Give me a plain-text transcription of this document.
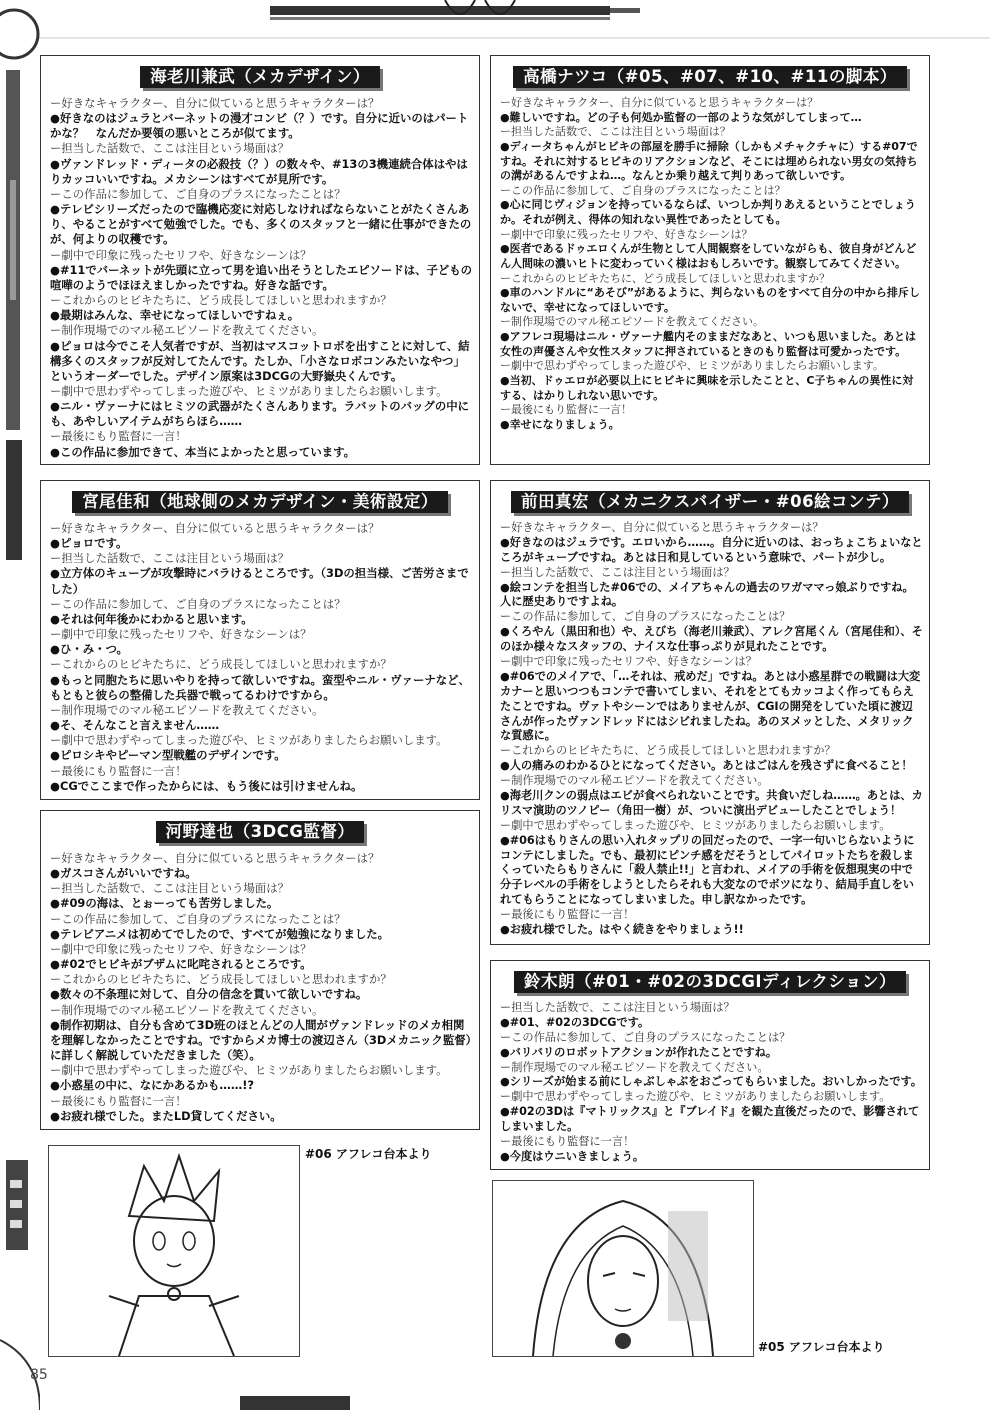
海老川兼武（メカデザイン）

ー好きなキャラクター、自分に似ていると思うキャラクターは？

● 好きなのはジュラとバーネットの漫才コンビ（？）です。自分に近いのはパートかな？　なんだか要領の悪いところが似てます。

ー担当した話数で、ここは注目という場面は？

● ヴァンドレッド・ディータの必殺技（？）の数々や、#13の3機連続合体はやはりカッコいいですね。メカシーンはすべてが見所です。

ーこの作品に参加して、ご自身のプラスになったことは？

● テレビシリーズだったので臨機応変に対応しなければならないことがたくさんあり、やることがすべて勉強でした。でも、多くのスタッフと一緒に仕事ができたのが、何よりの収穫です。

ー劇中で印象に残ったセリフや、好きなシーンは？

● #11でバーネットが先頭に立って男を追い出そうとしたエピソードは、子どもの喧嘩のようでほほえましかったですね。好きな話です。

ーこれからのヒビキたちに、どう成長してほしいと思われますか？

● 最期はみんな、幸せになってほしいですねぇ。

ー制作現場でのマル秘エピソードを教えてください。

● ピョロは今でこそ人気者ですが、当初はマスコットロボを出すことに対して、結構多くのスタッフが反対してたんです。たしか、「小さなロボコンみたいなやつ」というオーダーでした。デザイン原案は3DCGの大野嶽央くんです。

ー劇中で思わずやってしまった遊びや、ヒミツがありましたらお願いします。

● ニル・ヴァーナにはヒミツの武器がたくさんあります。ラバットのバッグの中にも、あやしいアイテムがちらほら……

ー最後にもり監督に一言！

● この作品に参加できて、本当によかったと思っています。

高橋ナツコ（#05、#07、#10、#11の脚本）

ー好きなキャラクター、自分に似ていると思うキャラクターは？

● 難しいですね。どの子も何処か監督の一部のような気がしてしまって…

ー担当した話数で、ここは注目という場面は？

● ディータちゃんがヒビキの部屋を勝手に掃除（しかもメチャクチャに）する#07ですね。それに対するヒビキのリアクションなど、そこには埋められない男女の気持ちの溝があるんですよね…。なんとか乗り越えて判りあって欲しいです。

ーこの作品に参加して、ご自身のプラスになったことは？

● 心に同じヴィジョンを持っているならば、いつしか判りあえるということでしょうか。それが例え、得体の知れない異性であったとしても。

ー劇中で印象に残ったセリフや、好きなシーンは？

● 医者であるドゥエロくんが生物として人間観察をしていながらも、彼自身がどんどん人間味の濃いヒトに変わっていく様はおもしろいです。観察してみてください。

ーこれからのヒビキたちに、どう成長してほしいと思われますか？

● 車のハンドルに“あそび”があるように、判らないものをすべて自分の中から排斥しないで、幸せになってほしいです。

ー制作現場でのマル秘エピソードを教えてください。

● アフレコ現場はニル・ヴァーナ艦内そのままだなあと、いつも思いました。あとは女性の声優さんや女性スタッフに押されているときのもり監督は可愛かったです。

ー劇中で思わずやってしまった遊びや、ヒミツがありましたらお願いします。

● 当初、ドゥエロが必要以上にヒビキに興味を示したことと、C子ちゃんの異性に対する、はかりしれない思いです。

ー最後にもり監督に一言！

● 幸せになりましょう。

宮尾佳和（地球側のメカデザイン・美術設定）

ー好きなキャラクター、自分に似ていると思うキャラクターは？

● ピョロです。

ー担当した話数で、ここは注目という場面は？

● 立方体のキューブが攻撃時にバラけるところです。（3Dの担当様、ご苦労さまでした）

ーこの作品に参加して、ご自身のプラスになったことは？

● それは何年後かにわかると思います。

ー劇中で印象に残ったセリフや、好きなシーンは？

● ひ・み・つ。

ーこれからのヒビキたちに、どう成長してほしいと思われますか？

● もっと同胞たちに思いやりを持って欲しいですね。蛮型やニル・ヴァーナなど、もともと彼らの整備した兵器で戦ってるわけですから。

ー制作現場でのマル秘エピソードを教えてください。

● そ、そんなこと言えません……

ー劇中で思わずやってしまった遊びや、ヒミツがありましたらお願いします。

● ピロシキやピーマン型戦艦のデザインです。

ー最後にもり監督に一言！

● CGでここまで作ったからには、もう後には引けませんね。

前田真宏（メカニクスバイザー・#06絵コンテ）

ー好きなキャラクター、自分に似ていると思うキャラクターは？

● 好きなのはジュラです。エロいから……。自分に近いのは、おっちょこちょいなところがキューブですね。あとは日和見しているという意味で、パートが少し。

ー担当した話数で、ここは注目という場面は？

● 絵コンテを担当した#06での、メイアちゃんの過去のワガママっ娘ぶりですね。人に歴史ありですよね。

ーこの作品に参加して、ご自身のプラスになったことは？

● くろやん（黒田和也）や、えびち（海老川兼武）、アレク宮尾くん（宮尾佳和）、そのほか様々なスタッフの、ナイスな仕事っぷりが見れたことです。

ー劇中で印象に残ったセリフや、好きなシーンは？

● #06でのメイアで、「…それは、戒めだ」ですね。あとは小惑星群での戦闘は大変カナーと思いつつもコンテで書いてしまい、それをとてもカッコよく作ってもらえたことですね。ヴァトやシーンではありませんが、CGIの開発をしていた頃に渡辺さんが作ったヴァンドレッドにはシビれましたね。あのヌメッとした、メタリックな質感に。

ーこれからのヒビキたちに、どう成長してほしいと思われますか？

● 人の痛みのわかるひとになってください。あとはごはんを残さずに食べること！

ー制作現場でのマル秘エピソードを教えてください。

● 海老川クンの弱点はエビが食べられないことです。共食いだしね……。あとは、カリスマ演助のツノピー（角田一樹）が、ついに演出デビューしたことでしょう！

ー劇中で思わずやってしまった遊びや、ヒミツがありましたらお願いします。

● #06はもりさんの思い入れタップリの回だったので、一字一句いじらないようにコンテにしました。でも、最初にピンチ感をだそうとしてパイロットたちを殺しまくっていたらもりさんに「殺人禁止!!」と言われ、メイアの手術を仮想現実の中で分子レベルの手術をしようとしたらそれも大変なのでボツになり、結局手直しをいれてもらうことになってしまいました。申し訳なかったです。

ー最後にもり監督に一言！

● お疲れ様でした。はやく続きをやりましょう!!

河野達也（3DCG監督）

ー好きなキャラクター、自分に似ていると思うキャラクターは？

● ガスコさんがいいですね。

ー担当した話数で、ここは注目という場面は？

● #09の海は、とぉーっても苦労しました。

ーこの作品に参加して、ご自身のプラスになったことは？

● テレビアニメは初めてでしたので、すべてが勉強になりました。

ー劇中で印象に残ったセリフや、好きなシーンは？

● #02でヒビキがブザムに叱咤されるところです。

ーこれからのヒビキたちに、どう成長してほしいと思われますか？

● 数々の不条理に対して、自分の信念を貫いて欲しいですね。

ー制作現場でのマル秘エピソードを教えてください。

● 制作初期は、自分も含めて3D班のほとんどの人間がヴァンドレッドのメカ相関を理解しなかったことですね。ですからメカ博士の渡辺さん（3Dメカニック監督）に詳しく解説していただきました（笑）。

ー劇中で思わずやってしまった遊びや、ヒミツがありましたらお願いします。

● 小惑星の中に、なにかあるかも……!?

ー最後にもり監督に一言！

● お疲れ様でした。またLD貸してください。

鈴木朗（#01・#02の3DCGIディレクション）

ー担当した話数で、ここは注目という場面は？

● #01、#02の3DCGです。

ーこの作品に参加して、ご自身のプラスになったことは？

● バリバリのロボットアクションが作れたことですね。

ー制作現場でのマル秘エピソードを教えてください。

● シリーズが始まる前にしゃぶしゃぶをおごってもらいました。おいしかったです。

ー劇中で思わずやってしまった遊びや、ヒミツがありましたらお願いします。

● #02の3Dは『マトリックス』と『ブレイド』を観た直後だったので、影響されてしまいました。

ー最後にもり監督に一言！

● 今度はウニいきましょう。

#06 アフレコ台本より
#05 アフレコ台本より
85
